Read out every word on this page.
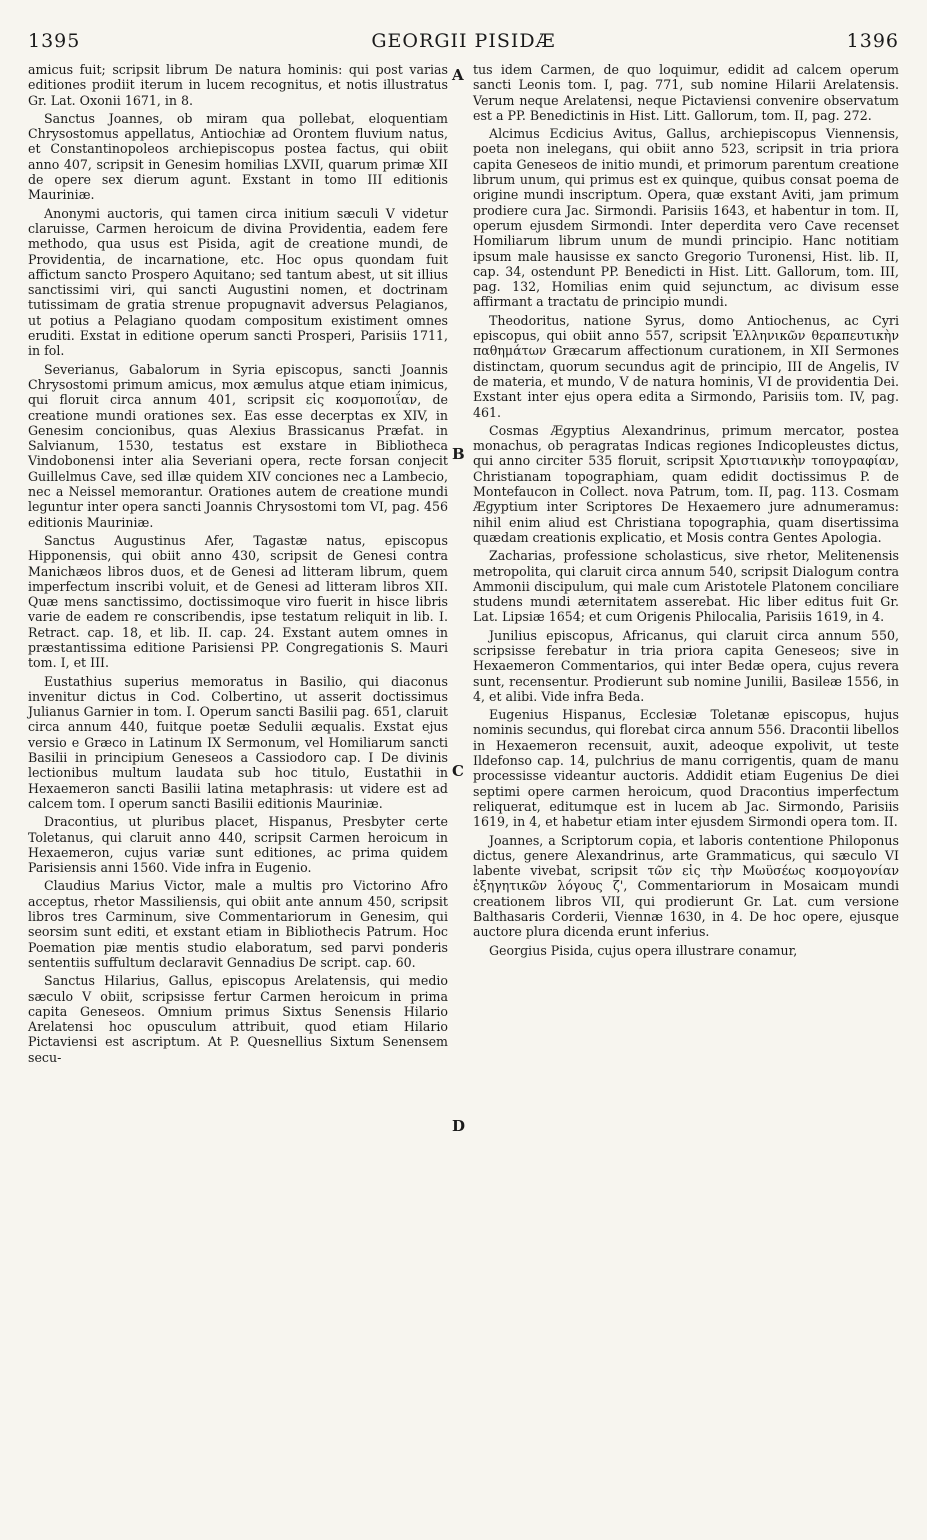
1395	GEORGII PISIDÆ	1396
A
B
C
D

amicus fuit; scripsit librum De natura hominis: qui post varias editiones prodiit iterum in lucem recognitus, et notis illustratus Gr. Lat. Oxonii 1671, in 8.

Sanctus Joannes, ob miram qua pollebat, eloquentiam Chrysostomus appellatus, Antiochiæ ad Orontem fluvium natus, et Constantinopoleos archiepiscopus postea factus, qui obiit anno 407, scripsit in Genesim homilias LXVII, quarum primæ XII de opere sex dierum agunt. Exstant in tomo III editionis Mauriniæ.

Anonymi auctoris, qui tamen circa initium sæculi V videtur claruisse, Carmen heroicum de divina Providentia, eadem fere methodo, qua usus est Pisida, agit de creatione mundi, de Providentia, de incarnatione, etc. Hoc opus quondam fuit affictum sancto Prospero Aquitano; sed tantum abest, ut sit illius sanctissimi viri, qui sancti Augustini nomen, et doctrinam tutissimam de gratia strenue propugnavit adversus Pelagianos, ut potius a Pelagiano quodam compositum existiment omnes eruditi. Exstat in editione operum sancti Prosperi, Parisiis 1711, in fol.

Severianus, Gabalorum in Syria episcopus, sancti Joannis Chrysostomi primum amicus, mox æmulus atque etiam inimicus, qui floruit circa annum 401, scripsit εἰς κοσμοποιΐαν, de creatione mundi orationes sex. Eas esse decerptas ex XIV, in Genesim concionibus, quas Alexius Brassicanus Præfat. in Salvianum, 1530, testatus est exstare in Bibliotheca Vindobonensi inter alia Severiani opera, recte forsan conjecit Guillelmus Cave, sed illæ quidem XIV conciones nec a Lambecio, nec a Neissel memorantur. Orationes autem de creatione mundi leguntur inter opera sancti Joannis Chrysostomi tom VI, pag. 456 editionis Mauriniæ.

Sanctus Augustinus Afer, Tagastæ natus, episcopus Hipponensis, qui obiit anno 430, scripsit de Genesi contra Manichæos libros duos, et de Genesi ad litteram librum, quem imperfectum inscribi voluit, et de Genesi ad litteram libros XII. Quæ mens sanctissimo, doctissimoque viro fuerit in hisce libris varie de eadem re conscribendis, ipse testatum reliquit in lib. I. Retract. cap. 18, et lib. II. cap. 24. Exstant autem omnes in præstantissima editione Parisiensi PP. Congregationis S. Mauri tom. I, et III.

Eustathius superius memoratus in Basilio, qui diaconus invenitur dictus in Cod. Colbertino, ut asserit doctissimus Julianus Garnier in tom. I. Operum sancti Basilii pag. 651, claruit circa annum 440, fuitque poetæ Sedulii æqualis. Exstat ejus versio e Græco in Latinum IX Sermonum, vel Homiliarum sancti Basilii in principium Geneseos a Cassiodoro cap. I De divinis lectionibus multum laudata sub hoc titulo, Eustathii in Hexaemeron sancti Basilii latina metaphrasis: ut videre est ad calcem tom. I operum sancti Basilii editionis Mauriniæ.

Dracontius, ut pluribus placet, Hispanus, Presbyter certe Toletanus, qui claruit anno 440, scripsit Carmen heroicum in Hexaemeron, cujus variæ sunt editiones, ac prima quidem Parisiensis anni 1560. Vide infra in Eugenio.

Claudius Marius Victor, male a multis pro Victorino Afro acceptus, rhetor Massiliensis, qui obiit ante annum 450, scripsit libros tres Carminum, sive Commentariorum in Genesim, qui seorsim sunt editi, et exstant etiam in Bibliothecis Patrum. Hoc Poemation piæ mentis studio elaboratum, sed parvi ponderis sententiis suffultum declaravit Gennadius De script. cap. 60.

Sanctus Hilarius, Gallus, episcopus Arelatensis, qui medio sæculo V obiit, scripsisse fertur Carmen heroicum in prima capita Geneseos. Omnium primus Sixtus Senensis Hilario Arelatensi hoc opusculum attribuit, quod etiam Hilario Pictaviensi est ascriptum. At P. Quesnellius Sixtum Senensem secu-

tus idem Carmen, de quo loquimur, edidit ad calcem operum sancti Leonis tom. I, pag. 771, sub nomine Hilarii Arelatensis. Verum neque Arelatensi, neque Pictaviensi convenire observatum est a PP. Benedictinis in Hist. Litt. Gallorum, tom. II, pag. 272.

Alcimus Ecdicius Avitus, Gallus, archiepiscopus Viennensis, poeta non inelegans, qui obiit anno 523, scripsit in tria priora capita Geneseos de initio mundi, et primorum parentum creatione librum unum, qui primus est ex quinque, quibus consat poema de origine mundi inscriptum. Opera, quæ exstant Aviti, jam primum prodiere cura Jac. Sirmondi. Parisiis 1643, et habentur in tom. II, operum ejusdem Sirmondi. Inter deperdita vero Cave recenset Homiliarum librum unum de mundi principio. Hanc notitiam ipsum male hausisse ex sancto Gregorio Turonensi, Hist. lib. II, cap. 34, ostendunt PP. Benedicti in Hist. Litt. Gallorum, tom. III, pag. 132, Homilias enim quid sejunctum, ac divisum esse affirmant a tractatu de principio mundi.

Theodoritus, natione Syrus, domo Antiochenus, ac Cyri episcopus, qui obiit anno 557, scripsit Ἑλληνικῶν θεραπευτικὴν παθημάτων Græcarum affectionum curationem, in XII Sermones distinctam, quorum secundus agit de principio, III de Angelis, IV de materia, et mundo, V de natura hominis, VI de providentia Dei. Exstant inter ejus opera edita a Sirmondo, Parisiis tom. IV, pag. 461.

Cosmas Ægyptius Alexandrinus, primum mercator, postea monachus, ob peragratas Indicas regiones Indicopleustes dictus, qui anno circiter 535 floruit, scripsit Χριστιανικὴν τοπογραφίαν, Christianam topographiam, quam edidit doctissimus P. de Montefaucon in Collect. nova Patrum, tom. II, pag. 113. Cosmam Ægyptium inter Scriptores De Hexaemero jure adnumeramus: nihil enim aliud est Christiana topographia, quam disertissima quædam creationis explicatio, et Mosis contra Gentes Apologia.

Zacharias, professione scholasticus, sive rhetor, Melitenensis metropolita, qui claruit circa annum 540, scripsit Dialogum contra Ammonii discipulum, qui male cum Aristotele Platonem conciliare studens mundi æternitatem asserebat. Hic liber editus fuit Gr. Lat. Lipsiæ 1654; et cum Origenis Philocalia, Parisiis 1619, in 4.

Junilius episcopus, Africanus, qui claruit circa annum 550, scripsisse ferebatur in tria priora capita Geneseos; sive in Hexaemeron Commentarios, qui inter Bedæ opera, cujus revera sunt, recensentur. Prodierunt sub nomine Junilii, Basileæ 1556, in 4, et alibi. Vide infra Beda.

Eugenius Hispanus, Ecclesiæ Toletanæ episcopus, hujus nominis secundus, qui florebat circa annum 556. Dracontii libellos in Hexaemeron recensuit, auxit, adeoque expolivit, ut teste Ildefonso cap. 14, pulchrius de manu corrigentis, quam de manu processisse videantur auctoris. Addidit etiam Eugenius De diei septimi opere carmen heroicum, quod Dracontius imperfectum reliquerat, editumque est in lucem ab Jac. Sirmondo, Parisiis 1619, in 4, et habetur etiam inter ejusdem Sirmondi opera tom. II.

Joannes, a Scriptorum copia, et laboris contentione Philoponus dictus, genere Alexandrinus, arte Grammaticus, qui sæculo VI labente vivebat, scripsit τῶν εἰς τὴν Μωϋσέως κοσμογονίαν ἐξηγητικῶν λόγους ζ', Commentariorum in Mosaicam mundi creationem libros VII, qui prodierunt Gr. Lat. cum versione Balthasaris Corderii, Viennæ 1630, in 4. De hoc opere, ejusque auctore plura dicenda erunt inferius.

Georgius Pisida, cujus opera illustrare conamur,
